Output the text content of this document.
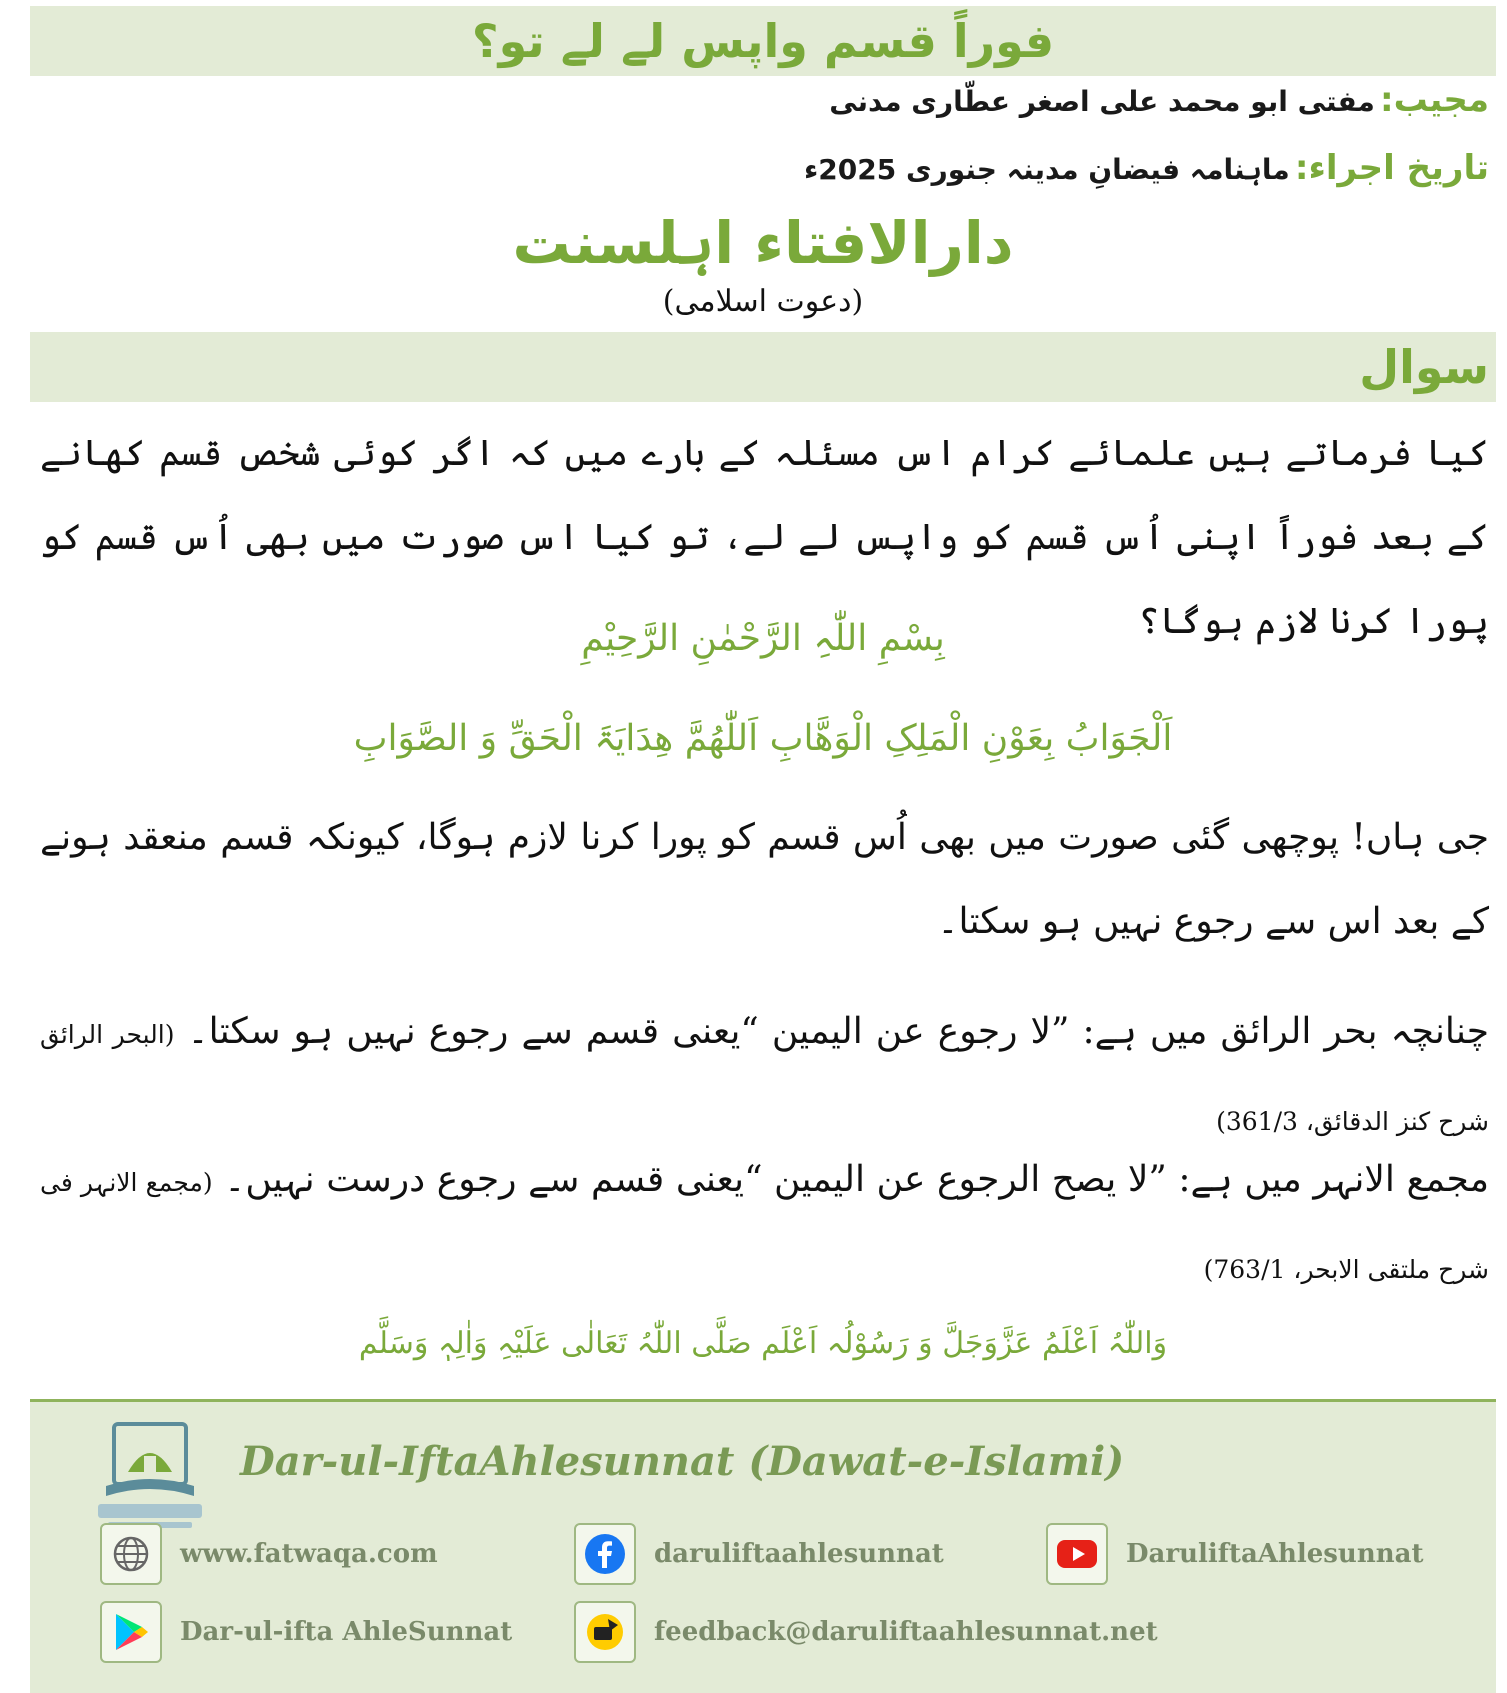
فوراً قسم واپس لے لے تو؟
مجیب: مفتی ابو محمد علی اصغر عطّاری مدنی
تاریخ اجراء: ماہنامہ فیضانِ مدینہ جنوری 2025ء
دارالافتاء اہلسنت
(دعوت اسلامی)
سوال
کیا فرماتے ہیں علمائے کرام اس مسئلہ کے بارے میں کہ اگر کوئی شخص قسم کھانے کے بعد فوراً اپنی اُس قسم کو واپس لے لے، تو کیا اس صورت میں بھی اُس قسم کو پورا کرنا لازم ہوگا؟
بِسْمِ اللّٰہِ الرَّحْمٰنِ الرَّحِیْمِ
اَلْجَوَابُ بِعَوْنِ الْمَلِکِ الْوَھَّابِ اَللّٰھُمَّ ھِدَایَۃَ الْحَقِّ وَ الصَّوَابِ
جی ہاں! پوچھی گئی صورت میں بھی اُس قسم کو پورا کرنا لازم ہوگا، کیونکہ قسم منعقد ہونے کے بعد اس سے رجوع نہیں ہو سکتا۔
چنانچہ بحر الرائق میں ہے: ”لا رجوع عن الیمین “یعنی قسم سے رجوع نہیں ہو سکتا۔ (البحر الرائق شرح کنز الدقائق، 361/3)
مجمع الانہر میں ہے: ”لا یصح الرجوع عن الیمین “یعنی قسم سے رجوع درست نہیں۔ (مجمع الانہر فی شرح ملتقی الابحر، 763/1)
وَاللّٰہُ اَعْلَمُ عَزَّوَجَلَّ وَ رَسُوْلُہ اَعْلَم صَلَّی اللّٰہُ تَعَالٰی عَلَیْہِ وَاٰلِہٖ وَسَلَّم
Dar-ul-IftaAhlesunnat (Dawat-e-Islami)
www.fatwaqa.com	daruliftaahlesunnat	DaruliftaAhlesunnat
Dar-ul-ifta AhleSunnat	feedback@daruliftaahlesunnat.net
